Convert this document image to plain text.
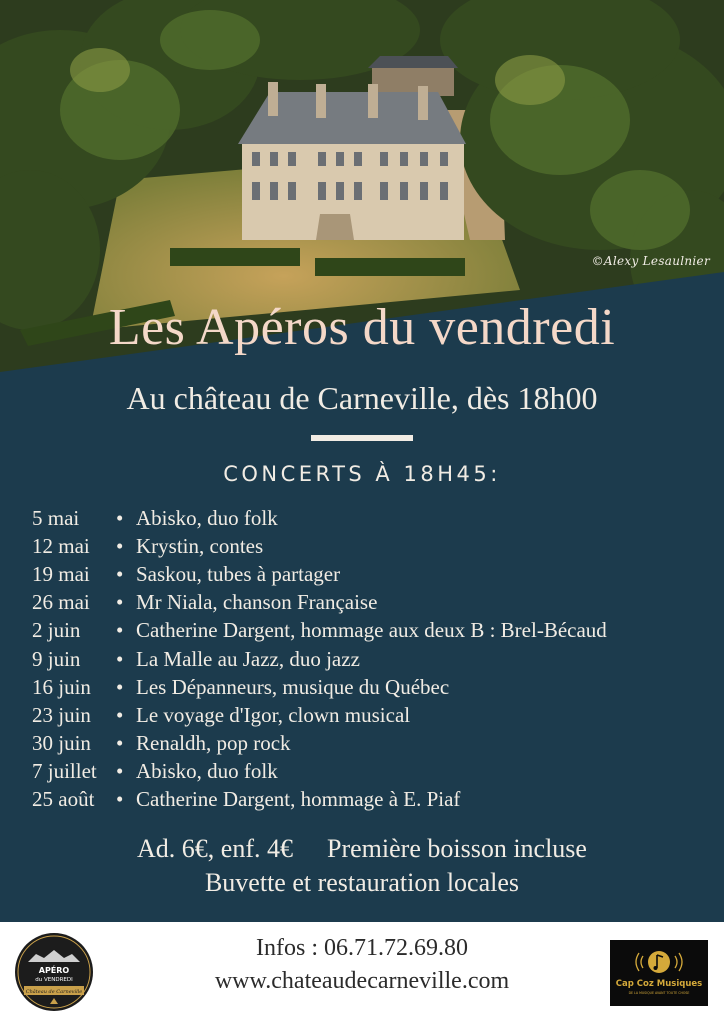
©Alexy Lesaulnier
Les Apéros du vendredi
Au château de Carneville, dès 18h00
CONCERTS À 18H45:
5 mai	• Abisko, duo folk
12 mai	• Krystin, contes
19 mai	• Saskou, tubes à partager
26 mai	• Mr Niala, chanson Française
2 juin	• Catherine Dargent, hommage aux deux B : Brel-Bécaud
9 juin	• La Malle au Jazz, duo jazz
16 juin	• Les Dépanneurs, musique du Québec
23 juin	• Le voyage d'Igor, clown musical
30 juin	• Renaldh, pop rock
7 juillet • Abisko, duo folk
25 août	• Catherine Dargent, hommage à E. Piaf
Ad. 6€, enf. 4€ Première boisson incluse
Buvette et restauration locales
APÉRO
du VENDREDI
Château de Carneville
Infos : 06.71.72.69.80
www.chateaudecarneville.com	Cap Coz Musiques
DE LA MUSIQUE AVANT TOUTE CHOSE
